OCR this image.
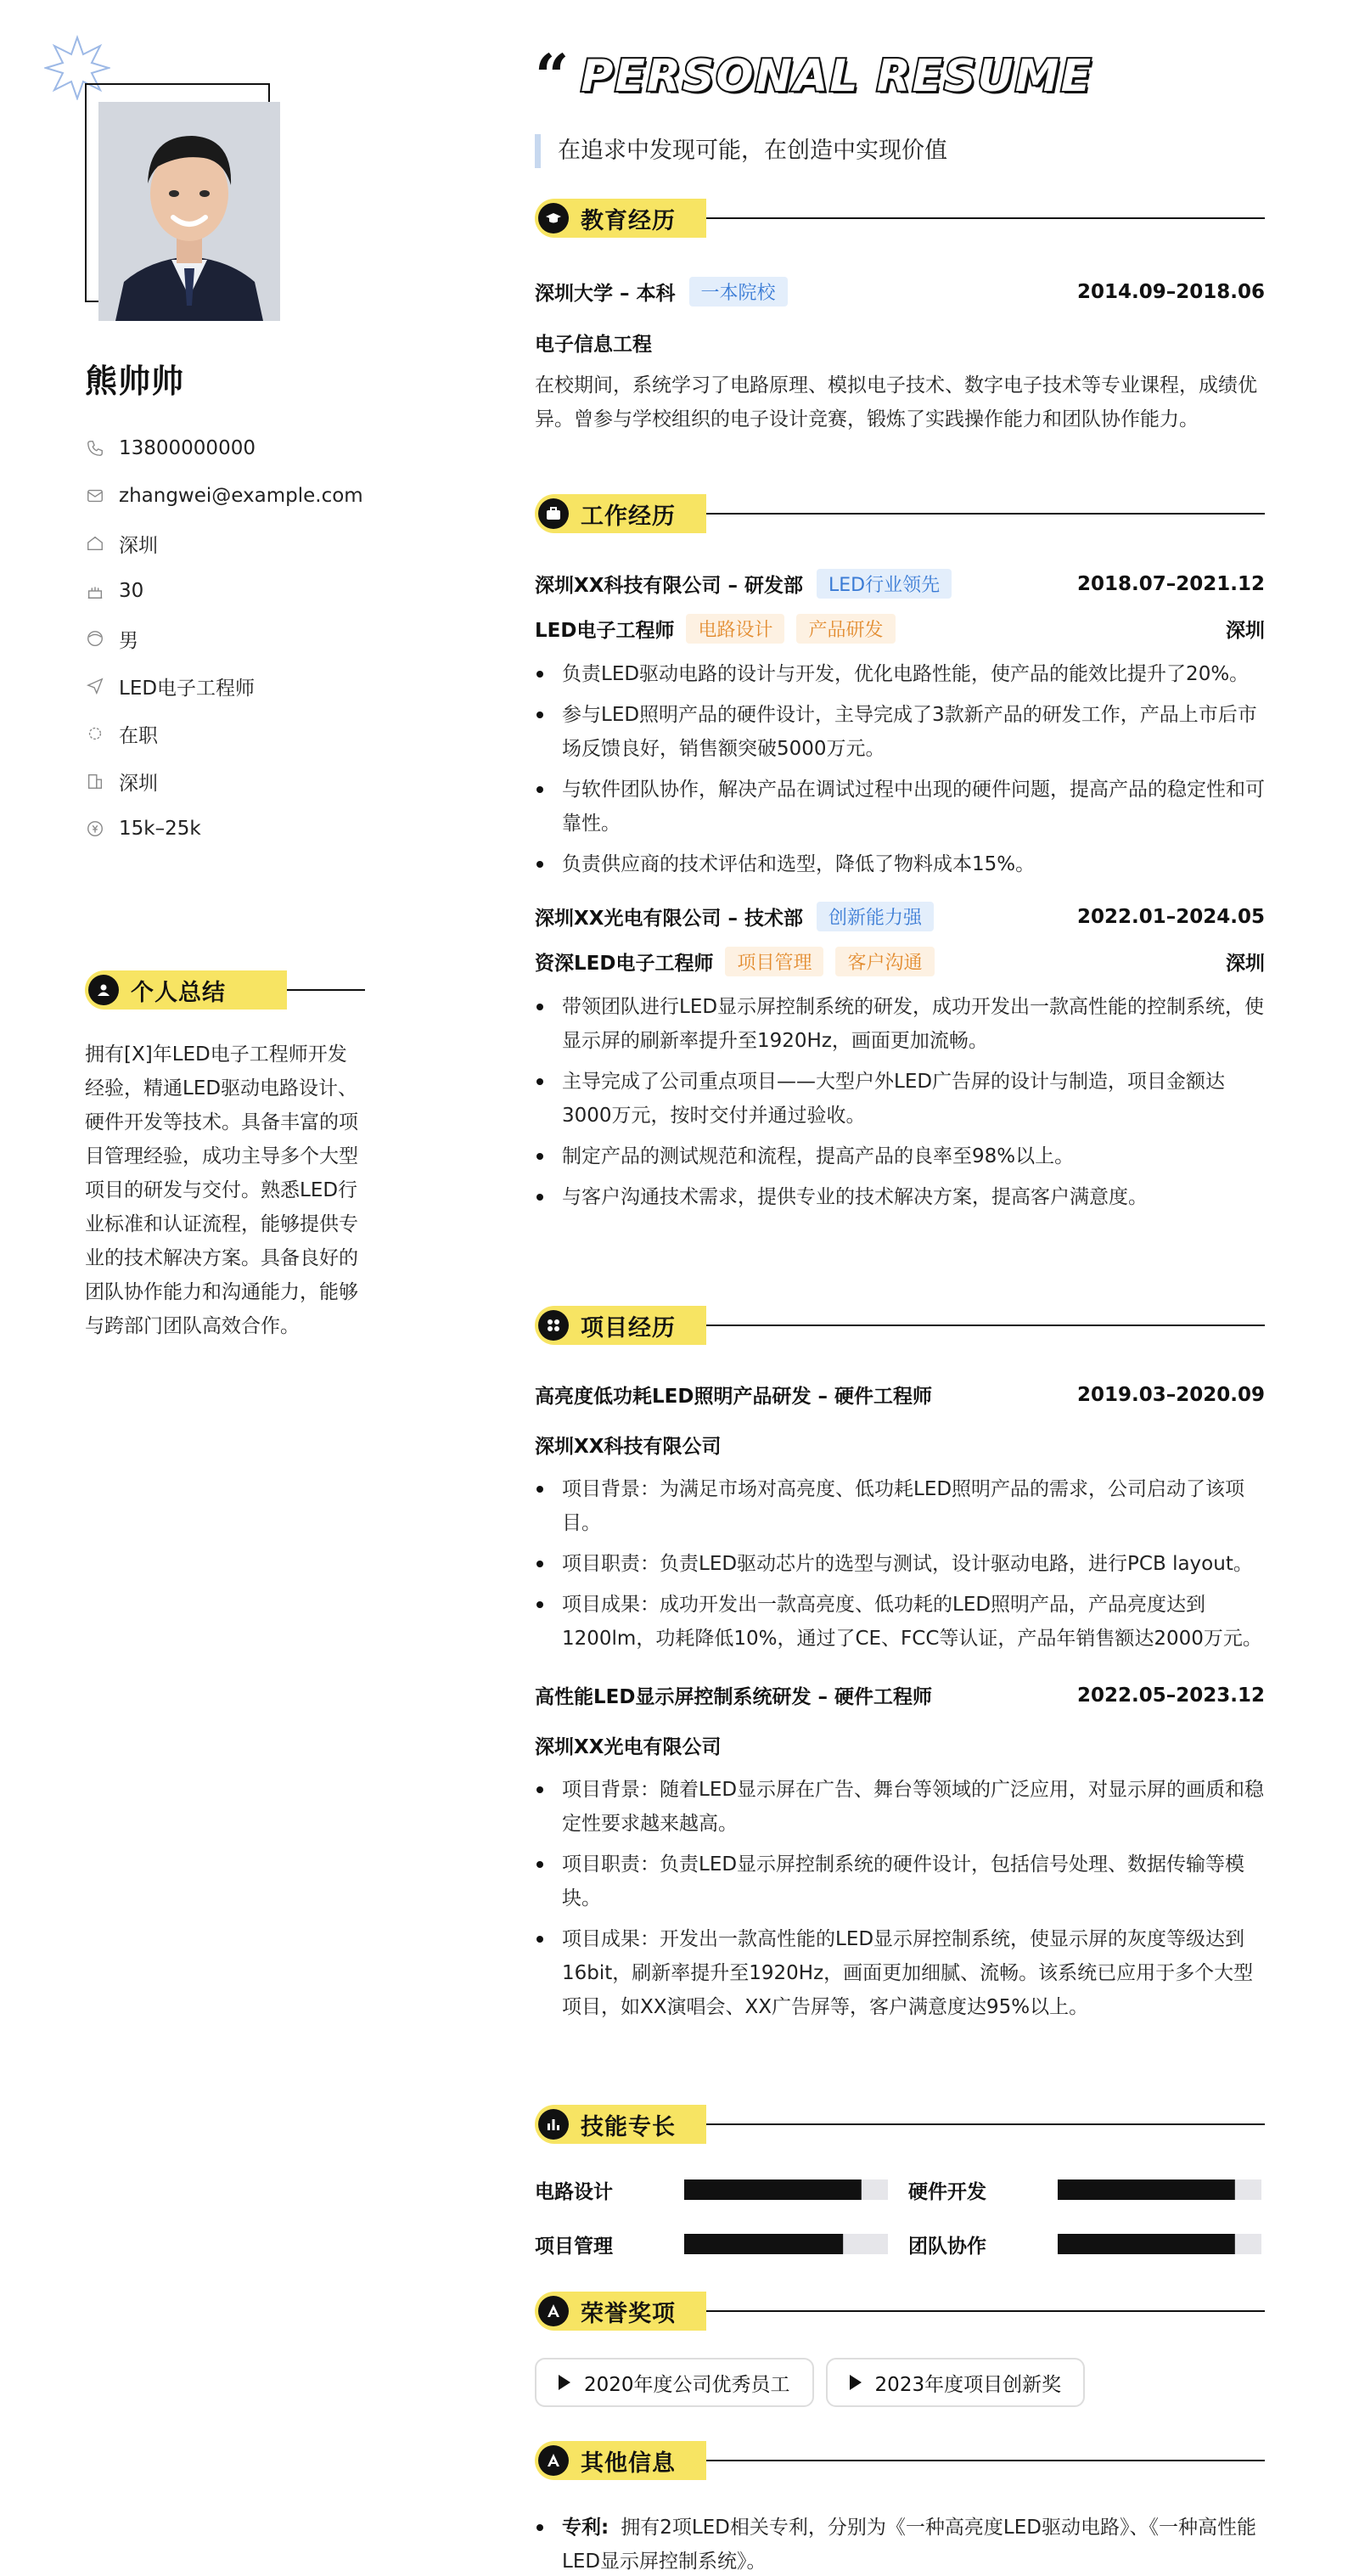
熊帅帅
13800000000
zhangwei@example.com
深圳
30
男
LED电子工程师
在职
深圳
15k–25k
个人总结
拥有[X]年LED电子工程师开发经验，精通LED驱动电路设计、硬件开发等技术。具备丰富的项目管理经验，成功主导多个大型项目的研发与交付。熟悉LED行业标准和认证流程，能够提供专业的技术解决方案。具备良好的团队协作能力和沟通能力，能够与跨部门团队高效合作。
“ PERSONAL RESUME
在追求中发现可能，在创造中实现价值
教育经历
深圳大学 – 本科	一本院校	2014.09–2018.06
电子信息工程
在校期间，系统学习了电路原理、模拟电子技术、数字电子技术等专业课程，成绩优异。曾参与学校组织的电子设计竞赛，锻炼了实践操作能力和团队协作能力。
工作经历
深圳XX科技有限公司 – 研发部	LED行业领先	2018.07–2021.12
LED电子工程师	电路设计	产品研发	深圳
负责LED驱动电路的设计与开发，优化电路性能，使产品的能效比提升了20%。
参与LED照明产品的硬件设计，主导完成了3款新产品的研发工作，产品上市后市场反馈良好，销售额突破5000万元。
与软件团队协作，解决产品在调试过程中出现的硬件问题，提高产品的稳定性和可靠性。
负责供应商的技术评估和选型，降低了物料成本15%。
深圳XX光电有限公司 – 技术部	创新能力强	2022.01–2024.05
资深LED电子工程师	项目管理	客户沟通	深圳
带领团队进行LED显示屏控制系统的研发，成功开发出一款高性能的控制系统，使显示屏的刷新率提升至1920Hz，画面更加流畅。
主导完成了公司重点项目——大型户外LED广告屏的设计与制造，项目金额达3000万元，按时交付并通过验收。
制定产品的测试规范和流程，提高产品的良率至98%以上。
与客户沟通技术需求，提供专业的技术解决方案，提高客户满意度。
项目经历
高亮度低功耗LED照明产品研发 – 硬件工程师	2019.03–2020.09
深圳XX科技有限公司
项目背景：为满足市场对高亮度、低功耗LED照明产品的需求，公司启动了该项目。
项目职责：负责LED驱动芯片的选型与测试，设计驱动电路，进行PCB layout。
项目成果：成功开发出一款高亮度、低功耗的LED照明产品，产品亮度达到1200lm，功耗降低10%，通过了CE、FCC等认证，产品年销售额达2000万元。
高性能LED显示屏控制系统研发 – 硬件工程师	2022.05–2023.12
深圳XX光电有限公司
项目背景：随着LED显示屏在广告、舞台等领域的广泛应用，对显示屏的画质和稳定性要求越来越高。
项目职责：负责LED显示屏控制系统的硬件设计，包括信号处理、数据传输等模块。
项目成果：开发出一款高性能的LED显示屏控制系统，使显示屏的灰度等级达到16bit，刷新率提升至1920Hz，画面更加细腻、流畅。该系统已应用于多个大型项目，如XX演唱会、XX广告屏等，客户满意度达95%以上。
技能专长
电路设计	硬件开发
项目管理	团队协作
荣誉奖项
2020年度公司优秀员工	2023年度项目创新奖
其他信息
专利: 拥有2项LED相关专利，分别为《一种高亮度LED驱动电路》、《一种高性能LED显示屏控制系统》。
